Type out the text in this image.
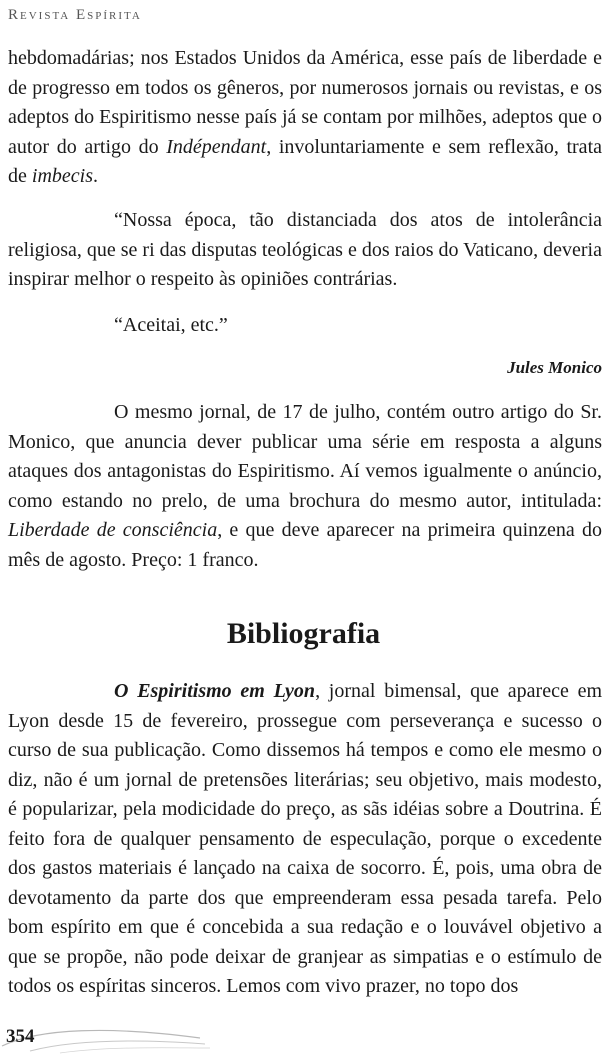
Revista Espírita

hebdomadárias; nos Estados Unidos da América, esse país de liberdade e de progresso em todos os gêneros, por numerosos jornais ou revistas, e os adeptos do Espiritismo nesse país já se contam por milhões, adeptos que o autor do artigo do Indépendant, involuntariamente e sem reflexão, trata de imbecis.

“Nossa época, tão distanciada dos atos de intolerância religiosa, que se ri das disputas teológicas e dos raios do Vaticano, deveria inspirar melhor o respeito às opiniões contrárias.

“Aceitai, etc.”

Jules Monico

O mesmo jornal, de 17 de julho, contém outro artigo do Sr. Monico, que anuncia dever publicar uma série em resposta a alguns ataques dos antagonistas do Espiritismo. Aí vemos igualmente o anúncio, como estando no prelo, de uma brochura do mesmo autor, intitulada: Liberdade de consciência, e que deve aparecer na primeira quinzena do mês de agosto. Preço: 1 franco.

Bibliografia

O Espiritismo em Lyon, jornal bimensal, que aparece em Lyon desde 15 de fevereiro, prossegue com perseverança e sucesso o curso de sua publicação. Como dissemos há tempos e como ele mesmo o diz, não é um jornal de pretensões literárias; seu objetivo, mais modesto, é popularizar, pela modicidade do preço, as sãs idéias sobre a Doutrina. É feito fora de qualquer pensamento de especulação, porque o excedente dos gastos materiais é lançado na caixa de socorro. É, pois, uma obra de devotamento da parte dos que empreenderam essa pesada tarefa. Pelo bom espírito em que é concebida a sua redação e o louvável objetivo a que se propõe, não pode deixar de granjear as simpatias e o estímulo de todos os espíritas sinceros. Lemos com vivo prazer, no topo dos

354
